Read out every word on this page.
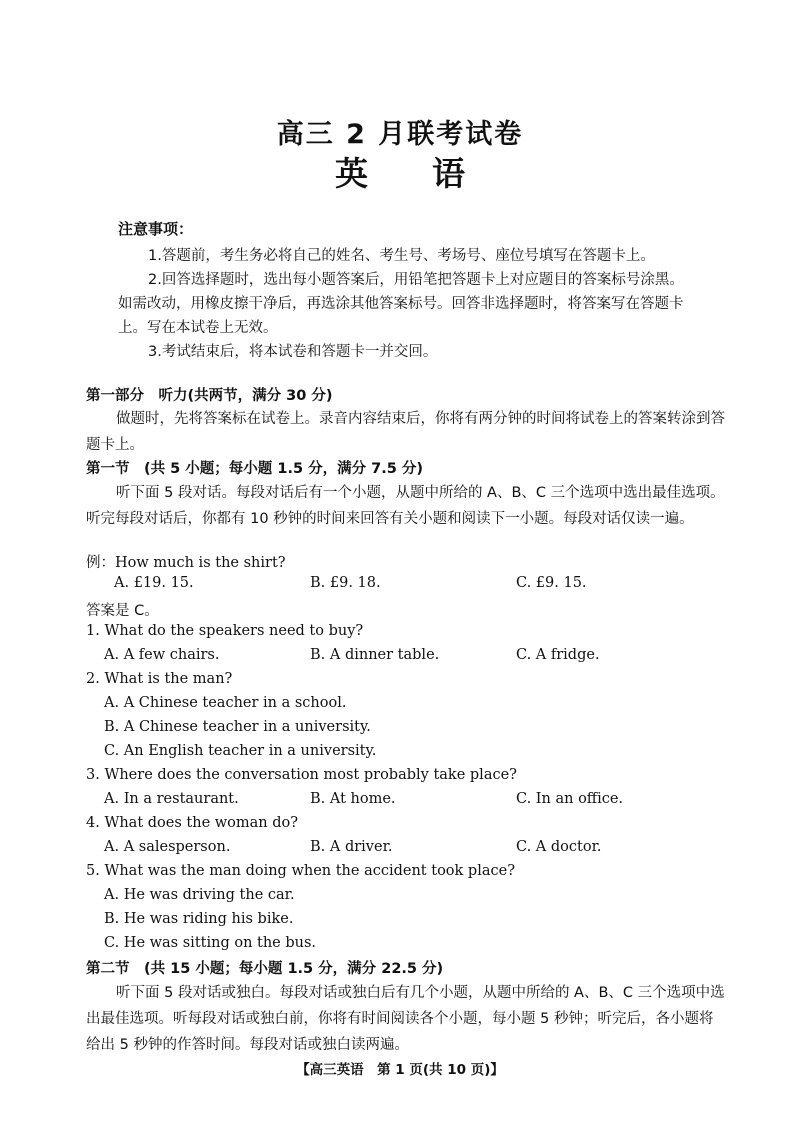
高三 2 月联考试卷
英 语
注意事项：

1.答题前，考生务必将自己的姓名、考生号、考场号、座位号填写在答题卡上。

2.回答选择题时，选出每小题答案后，用铅笔把答题卡上对应题目的答案标号涂黑。如需改动，用橡皮擦干净后，再选涂其他答案标号。回答非选择题时，将答案写在答题卡上。写在本试卷上无效。

3.考试结束后，将本试卷和答题卡一并交回。

第一部分　听力(共两节，满分 30 分)
做题时，先将答案标在试卷上。录音内容结束后，你将有两分钟的时间将试卷上的答案转涂到答题卡上。
第一节　(共 5 小题；每小题 1.5 分，满分 7.5 分)
听下面 5 段对话。每段对话后有一个小题，从题中所给的 A、B、C 三个选项中选出最佳选项。听完每段对话后，你都有 10 秒钟的时间来回答有关小题和阅读下一小题。每段对话仅读一遍。
例：How much is the shirt?
A. £19. 15.	B. £9. 18.	C. £9. 15.
答案是 C。
1. What do the speakers need to buy?
A. A few chairs.	B. A dinner table.	C. A fridge.
2. What is the man?
A. A Chinese teacher in a school.
B. A Chinese teacher in a university.
C. An English teacher in a university.
3. Where does the conversation most probably take place?
A. In a restaurant.	B. At home.	C. In an office.
4. What does the woman do?
A. A salesperson.	B. A driver.	C. A doctor.
5. What was the man doing when the accident took place?
A. He was driving the car.
B. He was riding his bike.
C. He was sitting on the bus.
第二节　(共 15 小题；每小题 1.5 分，满分 22.5 分)
听下面 5 段对话或独白。每段对话或独白后有几个小题，从题中所给的 A、B、C 三个选项中选出最佳选项。听每段对话或独白前，你将有时间阅读各个小题，每小题 5 秒钟；听完后，各小题将给出 5 秒钟的作答时间。每段对话或独白读两遍。
【高三英语　第 1 页(共 10 页)】
